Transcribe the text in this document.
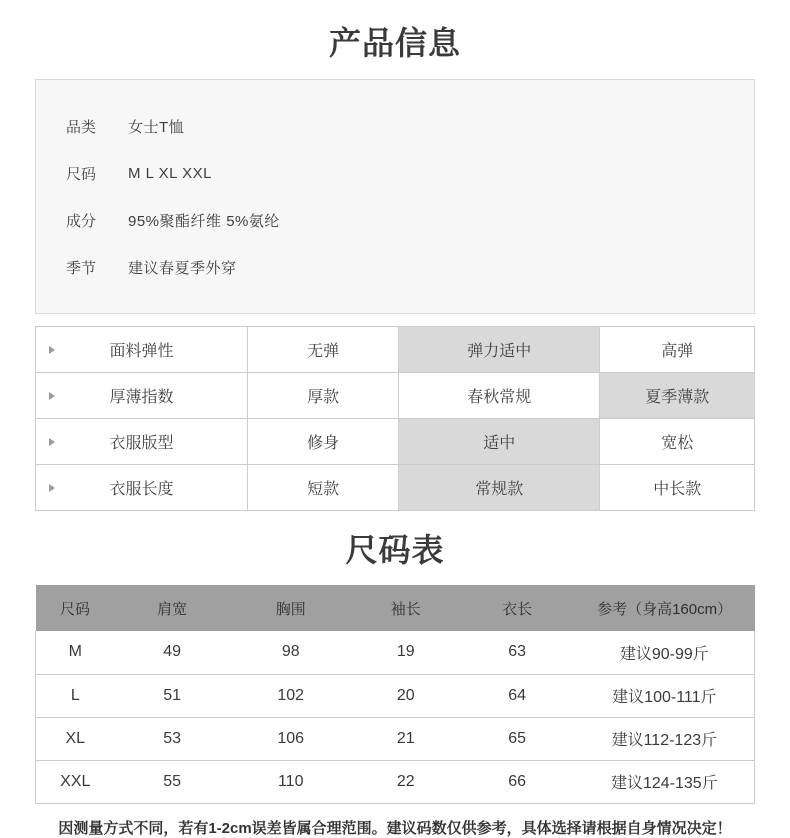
产品信息
品类	女士T恤
尺码	M L XL XXL
成分	95%聚酯纤维 5%氨纶
季节	建议春夏季外穿
面料弹性	无弹	弹力适中	高弹

厚薄指数	厚款	春秋常规	夏季薄款

衣服版型	修身	适中	宽松

衣服长度	短款	常规款	中长款
尺码表
尺码	肩宽	胸围	袖长	衣长	参考（身高160cm）
M	49	98	19	63	建议90-99斤
L	51	102	20	64	建议100-111斤
XL	53	106	21	65	建议112-123斤
XXL	55	110	22	66	建议124-135斤
因测量方式不同，若有1-2cm误差皆属合理范围。建议码数仅供参考，具体选择请根据自身情况决定！
